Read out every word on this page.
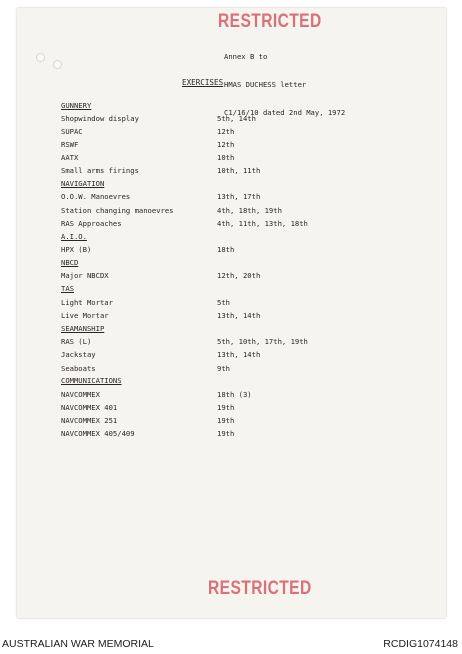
RESTRICTED

Annex B to

HMAS DUCHESS letter

C1/16/10 dated 2nd May, 1972

EXERCISES
GUNNERY
Shopwindow display	5th, 14th
SUPAC	12th
RSWF	12th
AATX	10th
Small arms firings	10th, 11th
NAVIGATION
O.O.W. Manoevres	13th, 17th
Station changing manoevres	4th, 18th, 19th
RAS Approaches	4th, 11th, 13th, 18th
A.I.O.
HPX (B)	18th
NBCD
Major NBCDX	12th, 20th
TAS
Light Mortar	5th
Live Mortar	13th, 14th
SEAMANSHIP
RAS (L)	5th, 10th, 17th, 19th
Jackstay	13th, 14th
Seaboats	9th
COMMUNICATIONS
NAVCOMMEX	18th (3)
NAVCOMMEX 401	19th
NAVCOMMEX 251	19th
NAVCOMMEX 405/409	19th
RESTRICTED
AUSTRALIAN WAR MEMORIAL	RCDIG1074148
